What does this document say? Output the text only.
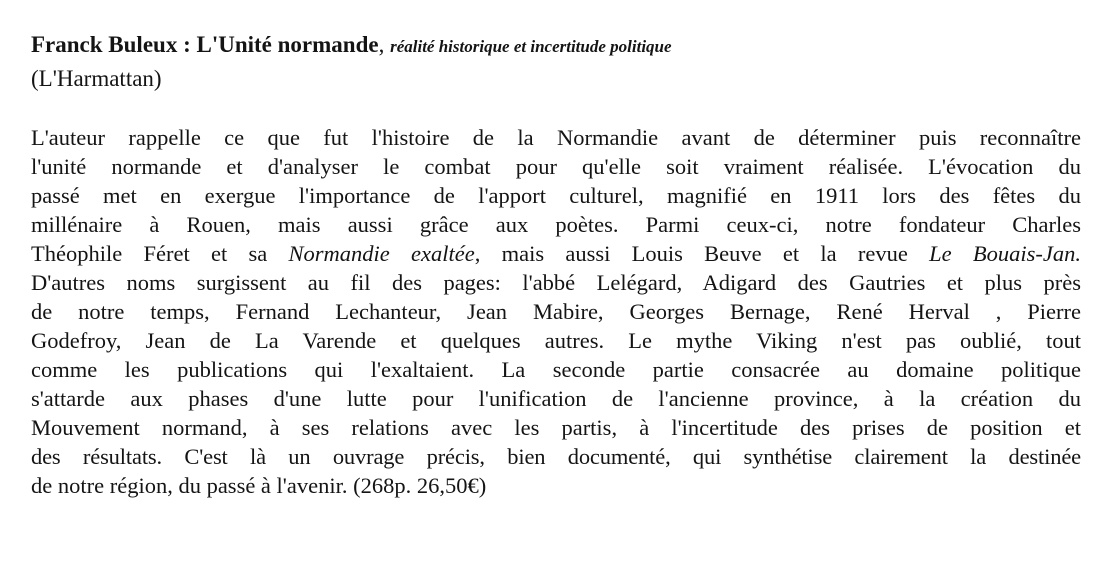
Franck Buleux : L'Unité normande, réalité historique et incertitude politique
(L'Harmattan)
L'auteur rappelle ce que fut l'histoire de la Normandie avant de déterminer puis reconnaître
l'unité normande et d'analyser le combat pour qu'elle soit vraiment réalisée. L'évocation du
passé met en exergue l'importance de l'apport culturel, magnifié en 1911 lors des fêtes du
millénaire à Rouen, mais aussi grâce aux poètes. Parmi ceux-ci, notre fondateur Charles
Théophile Féret et sa Normandie exaltée, mais aussi Louis Beuve et la revue Le Bouais-Jan.
D'autres noms surgissent au fil des pages: l'abbé Lelégard, Adigard des Gautries et plus près
de notre temps, Fernand Lechanteur, Jean Mabire, Georges Bernage, René Herval , Pierre
Godefroy, Jean de La Varende et quelques autres. Le mythe Viking n'est pas oublié, tout
comme les publications qui l'exaltaient. La seconde partie consacrée au domaine politique
s'attarde aux phases d'une lutte pour l'unification de l'ancienne province, à la création du
Mouvement normand, à ses relations avec les partis, à l'incertitude des prises de position et
des résultats. C'est là un ouvrage précis, bien documenté, qui synthétise clairement la destinée
de notre région, du passé à l'avenir. (268p. 26,50€)
